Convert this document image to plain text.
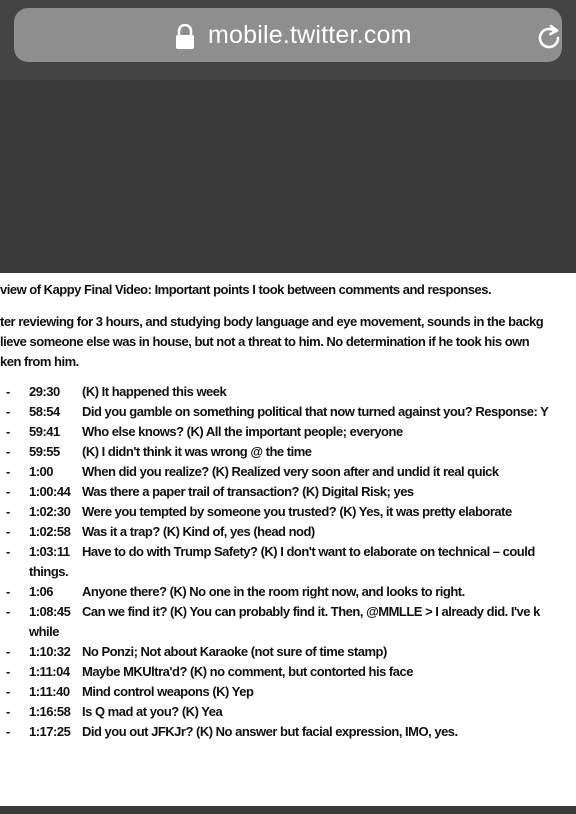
mobile.twitter.com
view of Kappy Final Video: Important points I took between comments and responses.
ter reviewing for 3 hours, and studying body language and eye movement, sounds in the backg
lieve someone else was in house, but not a threat to him. No determination if he took his own
ken from him.
- 29:30 (K) It happened this week
- 58:54 Did you gamble on something political that now turned against you? Response: Y
- 59:41 Who else knows? (K) All the important people; everyone
- 59:55 (K) I didn't think it was wrong @ the time
- 1:00 When did you realize? (K) Realized very soon after and undid it real quick
- 1:00:44 Was there a paper trail of transaction? (K) Digital Risk; yes
- 1:02:30 Were you tempted by someone you trusted? (K) Yes, it was pretty elaborate
- 1:02:58 Was it a trap? (K) Kind of, yes (head nod)
- 1:03:11 Have to do with Trump Safety? (K) I don't want to elaborate on technical – could
things.
- 1:06 Anyone there? (K) No one in the room right now, and looks to right.
- 1:08:45 Can we find it? (K) You can probably find it. Then, @MMLLE > I already did. I've k
while
- 1:10:32 No Ponzi; Not about Karaoke (not sure of time stamp)
- 1:11:04 Maybe MKUltra'd? (K) no comment, but contorted his face
- 1:11:40 Mind control weapons (K) Yep
- 1:16:58 Is Q mad at you? (K) Yea
- 1:17:25 Did you out JFKJr? (K) No answer but facial expression, IMO, yes.
